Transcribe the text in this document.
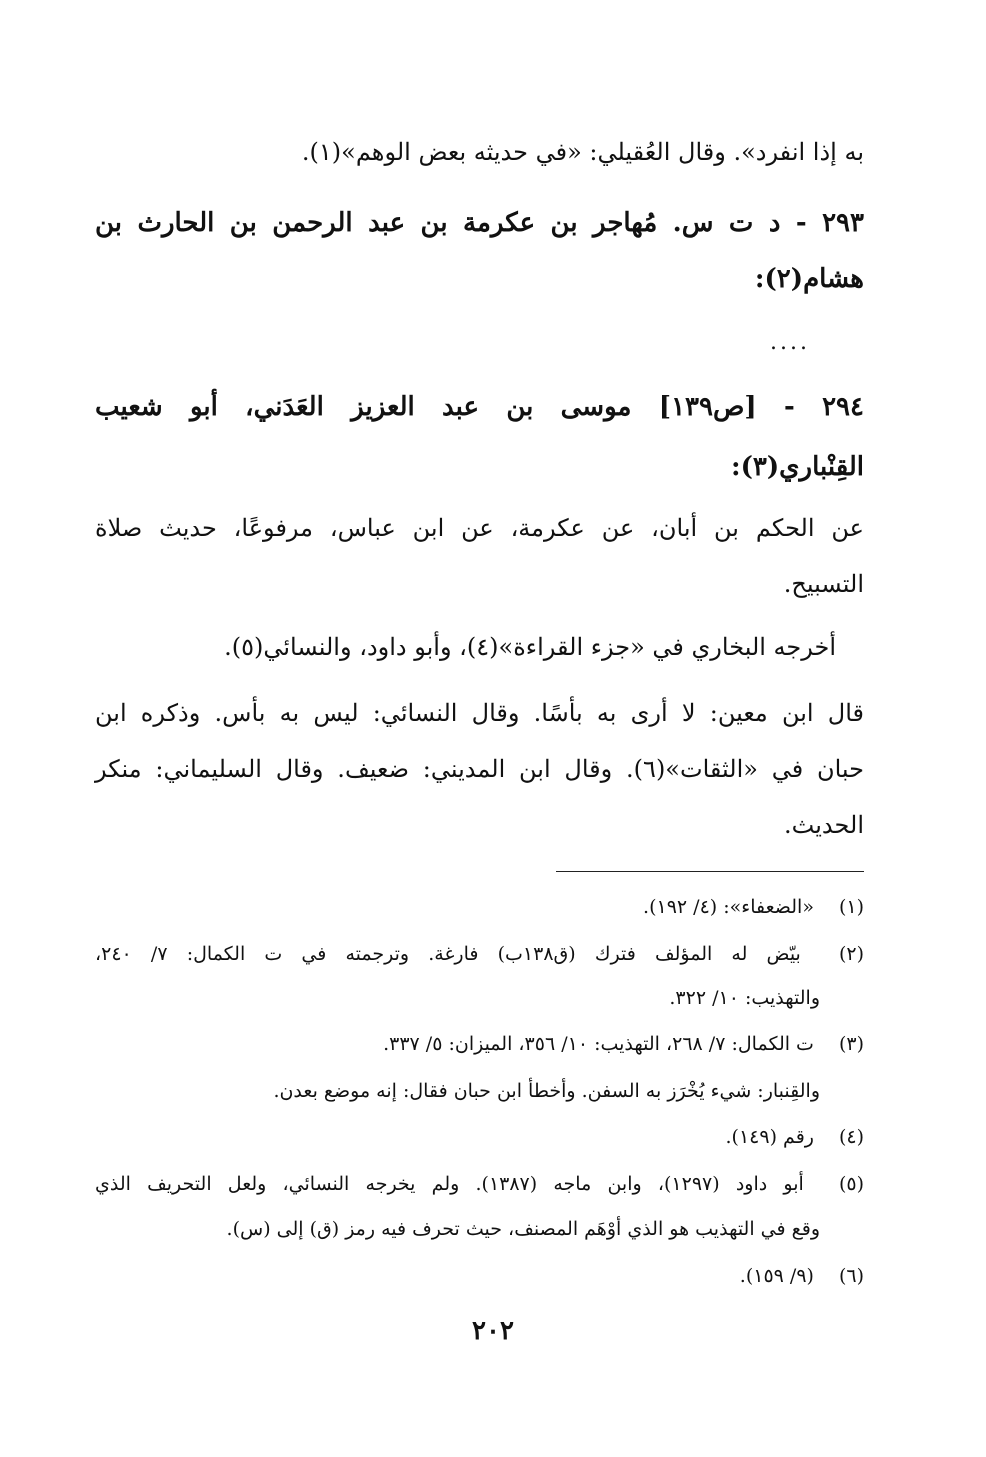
به إذا انفرد». وقال العُقيلي: «في حديثه بعض الوهم»(١).
٢٩٣ - د ت س. مُهاجر بن عكرمة بن عبد الرحمن بن الحارث بن
هشام(٢):
....
٢٩٤ - [ص١٣٩] موسى بن عبد العزيز العَدَني، أبو شعيب
القِنْباري(٣):
عن الحكم بن أبان، عن عكرمة، عن ابن عباس، مرفوعًا، حديث صلاة
التسبيح.
أخرجه البخاري في «جزء القراءة»(٤)، وأبو داود، والنسائي(٥).
قال ابن معين: لا أرى به بأسًا. وقال النسائي: ليس به بأس. وذكره ابن
حبان في «الثقات»(٦). وقال ابن المديني: ضعيف. وقال السليماني: منكر
الحديث.
(١) «الضعفاء»: (٤/ ١٩٢).
(٢) بيّض له المؤلف فترك (ق١٣٨ب) فارغة. وترجمته في ت الكمال: ٧/ ٢٤٠،
والتهذيب: ١٠/ ٣٢٢.
(٣) ت الكمال: ٧/ ٢٦٨، التهذيب: ١٠/ ٣٥٦، الميزان: ٥/ ٣٣٧.
والقِنبار: شيء يُخْرَز به السفن. وأخطأ ابن حبان فقال: إنه موضع بعدن.
(٤) رقم (١٤٩).
(٥) أبو داود (١٢٩٧)، وابن ماجه (١٣٨٧). ولم يخرجه النسائي، ولعل التحريف الذي
وقع في التهذيب هو الذي أوْهَم المصنف، حيث تحرف فيه رمز (ق) إلى (س).
(٦) (٩/ ١٥٩).
٢٠٢
